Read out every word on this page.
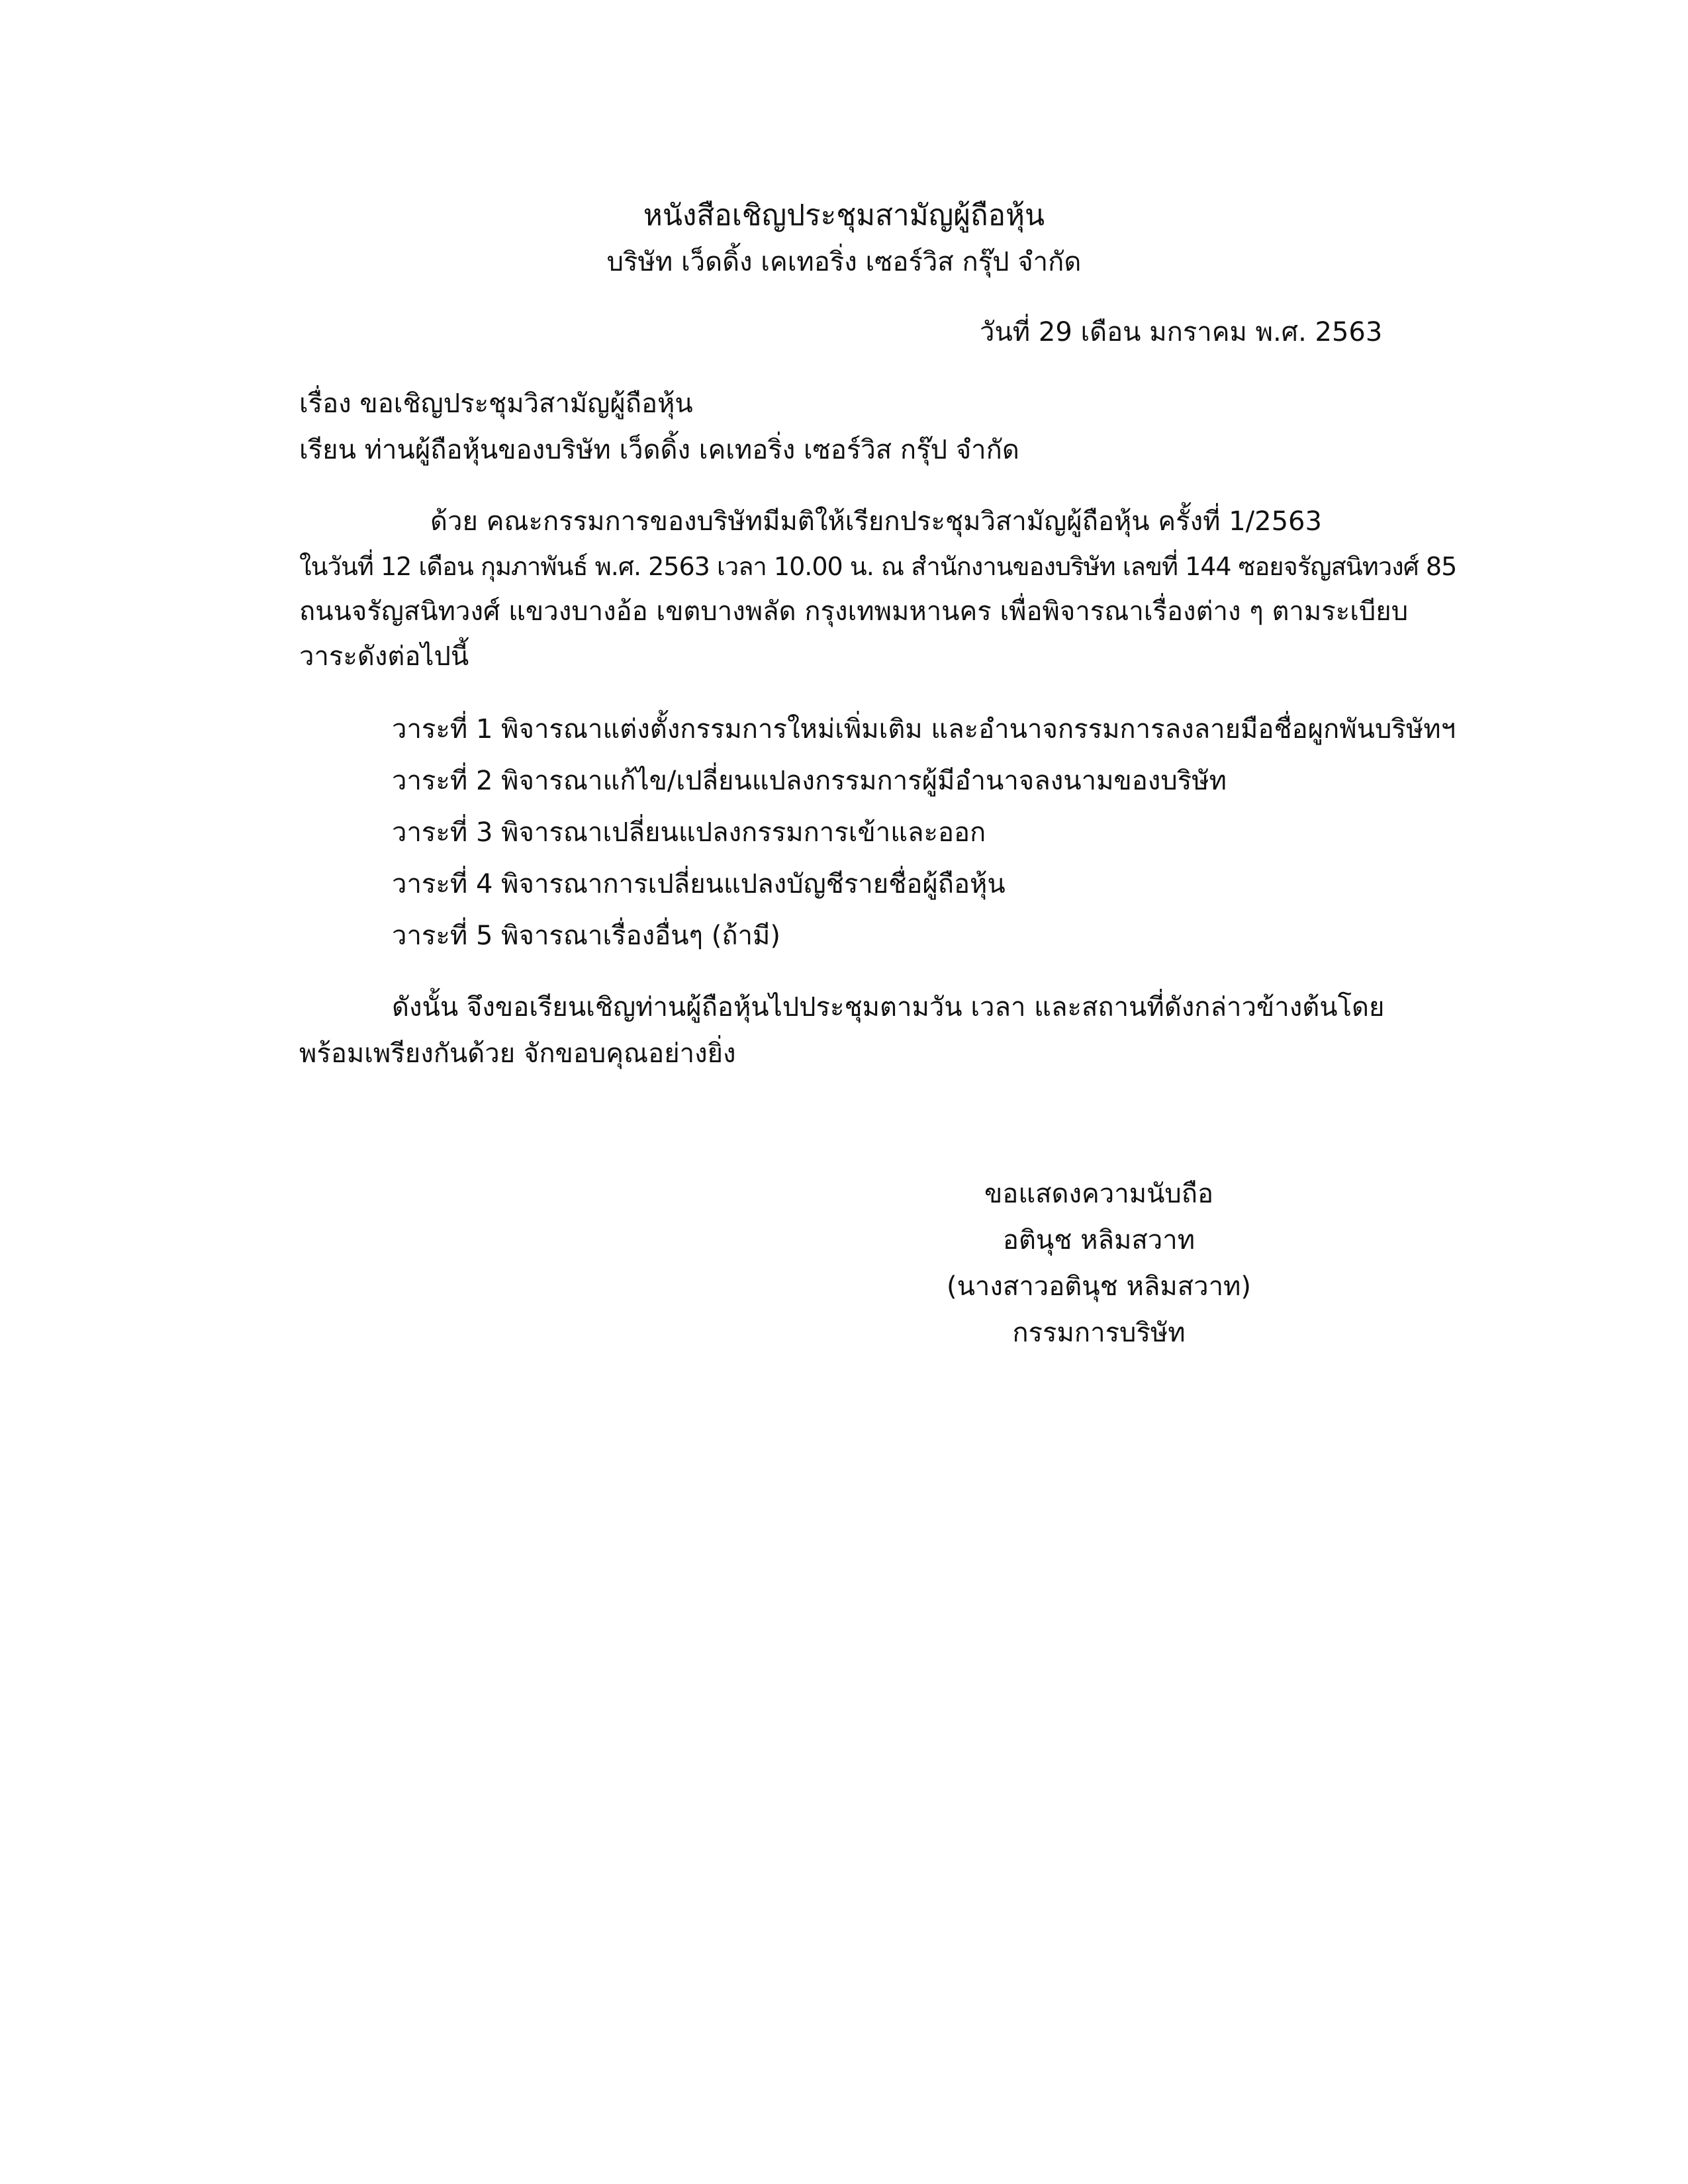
หนังสือเชิญประชุมสามัญผู้ถือหุ้น

บริษัท เว็ดดิ้ง เคเทอริ่ง เซอร์วิส กรุ๊ป จำกัด

วันที่ 29 เดือน มกราคม พ.ศ. 2563

เรื่อง ขอเชิญประชุมวิสามัญผู้ถือหุ้น

เรียน ท่านผู้ถือหุ้นของบริษัท เว็ดดิ้ง เคเทอริ่ง เซอร์วิส กรุ๊ป จำกัด

ด้วย คณะกรรมการของบริษัทมีมติให้เรียกประชุมวิสามัญผู้ถือหุ้น ครั้งที่ 1/2563

ในวันที่ 12 เดือน กุมภาพันธ์ พ.ศ. 2563 เวลา 10.00 น. ณ สำนักงานของบริษัท เลขที่ 144 ซอยจรัญสนิทวงศ์ 85

ถนนจรัญสนิทวงศ์ แขวงบางอ้อ เขตบางพลัด กรุงเทพมหานคร เพื่อพิจารณาเรื่องต่าง ๆ ตามระเบียบ

วาระดังต่อไปนี้

วาระที่ 1 พิจารณาแต่งตั้งกรรมการใหม่เพิ่มเติม และอำนาจกรรมการลงลายมือชื่อผูกพันบริษัทฯ

วาระที่ 2 พิจารณาแก้ไข/เปลี่ยนแปลงกรรมการผู้มีอำนาจลงนามของบริษัท

วาระที่ 3 พิจารณาเปลี่ยนแปลงกรรมการเข้าและออก

วาระที่ 4 พิจารณาการเปลี่ยนแปลงบัญชีรายชื่อผู้ถือหุ้น

วาระที่ 5 พิจารณาเรื่องอื่นๆ (ถ้ามี)

ดังนั้น จึงขอเรียนเชิญท่านผู้ถือหุ้นไปประชุมตามวัน เวลา และสถานที่ดังกล่าวข้างต้นโดย

พร้อมเพรียงกันด้วย จักขอบคุณอย่างยิ่ง

ขอแสดงความนับถือ

อตินุช หลิมสวาท

(นางสาวอตินุช หลิมสวาท)

กรรมการบริษัท
